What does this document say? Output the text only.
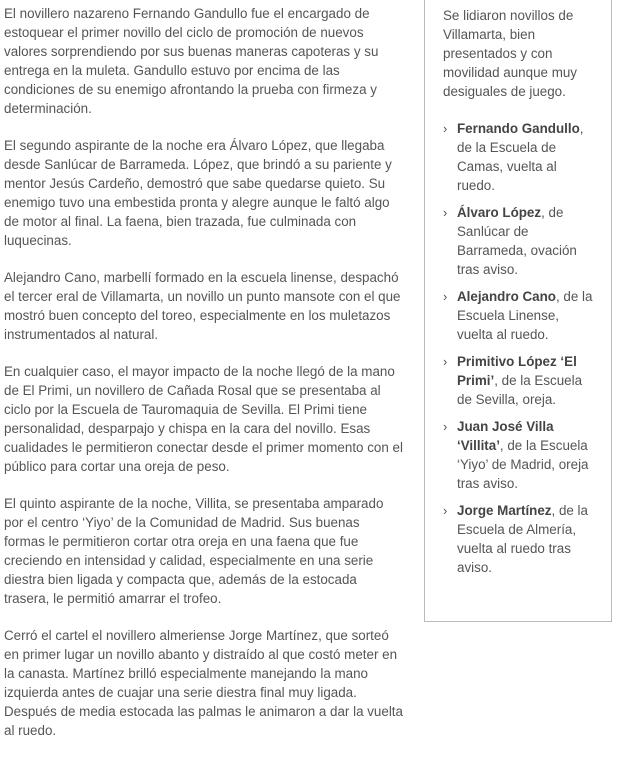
El novillero nazareno Fernando Gandullo fue el encargado de estoquear el primer novillo del ciclo de promoción de nuevos valores sorprendiendo por sus buenas maneras capoteras y su entrega en la muleta. Gandullo estuvo por encima de las condiciones de su enemigo afrontando la prueba con firmeza y determinación.

El segundo aspirante de la noche era Álvaro López, que llegaba desde Sanlúcar de Barrameda. López, que brindó a su pariente y mentor Jesús Cardeño, demostró que sabe quedarse quieto. Su enemigo tuvo una embestida pronta y alegre aunque le faltó algo de motor al final. La faena, bien trazada, fue culminada con luquecinas.

Alejandro Cano, marbellí formado en la escuela linense, despachó el tercer eral de Villamarta, un novillo un punto mansote con el que mostró buen concepto del toreo, especialmente en los muletazos instrumentados al natural.

En cualquier caso, el mayor impacto de la noche llegó de la mano de El Primi, un novillero de Cañada Rosal que se presentaba al ciclo por la Escuela de Tauromaquia de Sevilla. El Primi tiene personalidad, desparpajo y chispa en la cara del novillo. Esas cualidades le permitieron conectar desde el primer momento con el público para cortar una oreja de peso.

El quinto aspirante de la noche, Villita, se presentaba amparado por el centro ‘Yiyo’ de la Comunidad de Madrid. Sus buenas formas le permitieron cortar otra oreja en una faena que fue creciendo en intensidad y calidad, especialmente en una serie diestra bien ligada y compacta que, además de la estocada trasera, le permitió amarrar el trofeo.

Cerró el cartel el novillero almeriense Jorge Martínez, que sorteó en primer lugar un novillo abanto y distraído al que costó meter en la canasta. Martínez brilló especialmente manejando la mano izquierda antes de cuajar una serie diestra final muy ligada. Después de media estocada las palmas le animaron a dar la vuelta al ruedo.

Se lidiaron novillos de Villamarta, bien presentados y con movilidad aunque muy desiguales de juego.

› Fernando Gandullo, de la Escuela de Camas, vuelta al ruedo.
› Álvaro López, de Sanlúcar de Barrameda, ovación tras aviso.
› Alejandro Cano, de la Escuela Linense, vuelta al ruedo.
› Primitivo López ‘El Primi’, de la Escuela de Sevilla, oreja.
› Juan José Villa ‘Villita’, de la Escuela ‘Yiyo’ de Madrid, oreja tras aviso.
› Jorge Martínez, de la Escuela de Almería, vuelta al ruedo tras aviso.
